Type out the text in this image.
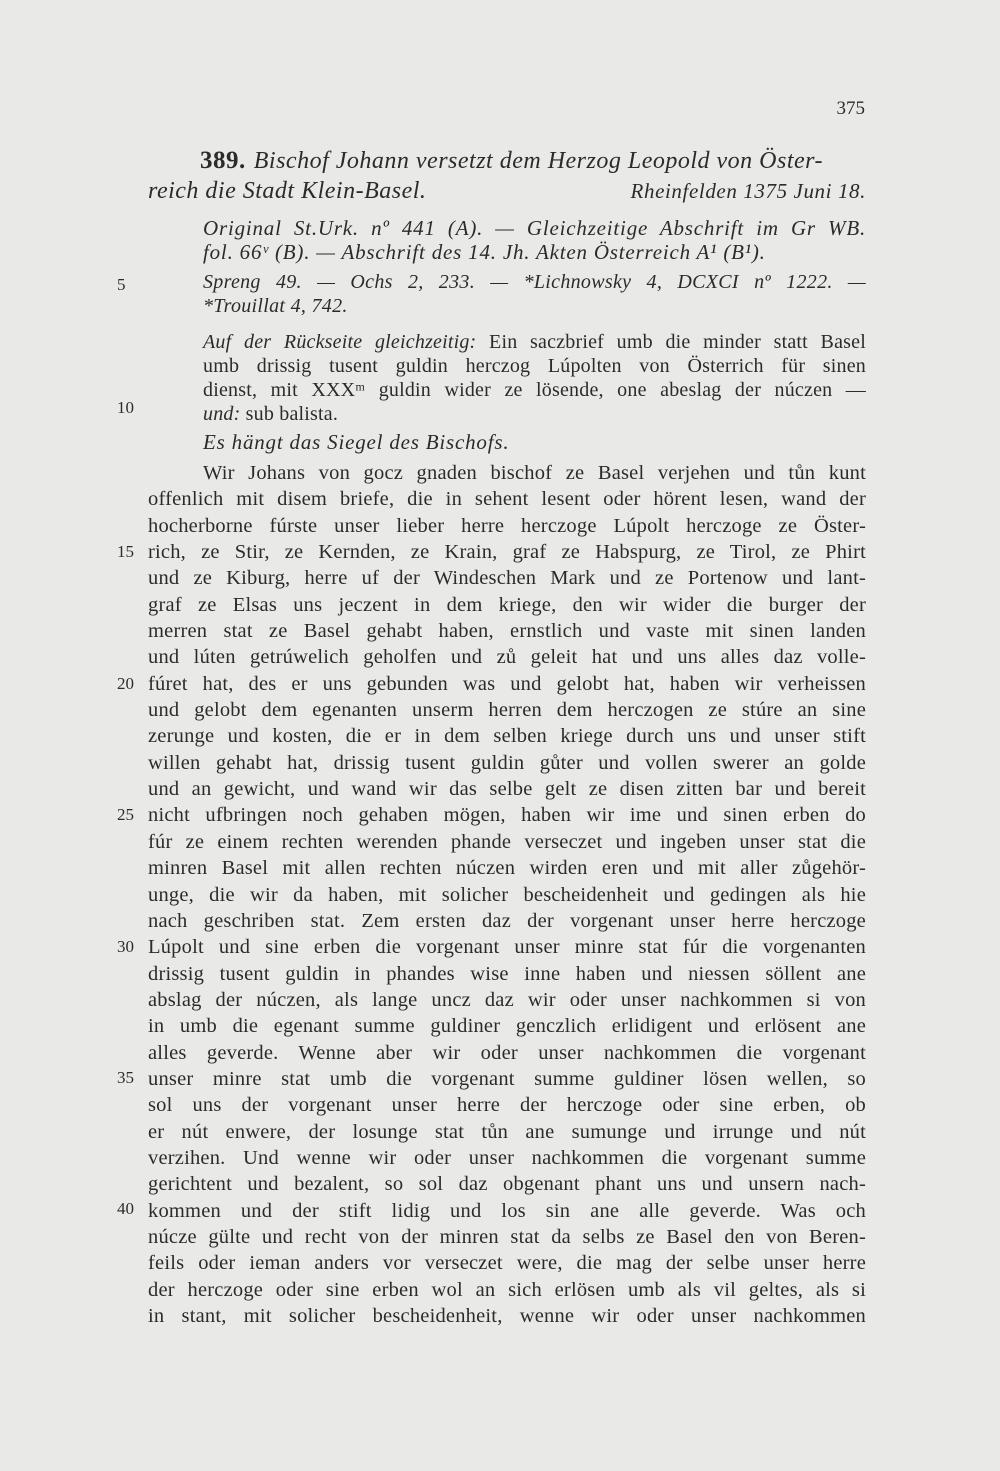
375
389. Bischof Johann versetzt dem Herzog Leopold von Öster-
reich die Stadt Klein-Basel.	Rheinfelden 1375 Juni 18.
Original St.Urk. nº 441 (A). — Gleichzeitige Abschrift im Gr WB.
fol. 66ᵛ (B). — Abschrift des 14. Jh. Akten Österreich A¹ (B¹).
Spreng 49. — Ochs 2, 233. — *Lichnowsky 4, DCXCI nº 1222. —
*Trouillat 4, 742.
Auf der Rückseite gleichzeitig: Ein saczbrief umb die minder statt Basel
umb drissig tusent guldin herczog Lúpolten von Österrich für sinen
dienst, mit XXXᵐ guldin wider ze lösende, one abeslag der núczen —
und: sub balista.
Es hängt das Siegel des Bischofs.
5
10
15
20
25
30
35
40
Wir Johans von gocz gnaden bischof ze Basel verjehen und tůn kunt
offenlich mit disem briefe, die in sehent lesent oder hörent lesen, wand der
hocherborne fúrste unser lieber herre herczoge Lúpolt herczoge ze Öster-
rich, ze Stir, ze Kernden, ze Krain, graf ze Habspurg, ze Tirol, ze Phirt
und ze Kiburg, herre uf der Windeschen Mark und ze Portenow und lant-
graf ze Elsas uns jeczent in dem kriege, den wir wider die burger der
merren stat ze Basel gehabt haben, ernstlich und vaste mit sinen landen
und lúten getrúwelich geholfen und zů geleit hat und uns alles daz volle-
fúret hat, des er uns gebunden was und gelobt hat, haben wir verheissen
und gelobt dem egenanten unserm herren dem herczogen ze stúre an sine
zerunge und kosten, die er in dem selben kriege durch uns und unser stift
willen gehabt hat, drissig tusent guldin gůter und vollen swerer an golde
und an gewicht, und wand wir das selbe gelt ze disen zitten bar und bereit
nicht ufbringen noch gehaben mögen, haben wir ime und sinen erben do
fúr ze einem rechten werenden phande verseczet und ingeben unser stat die
minren Basel mit allen rechten núczen wirden eren und mit aller zůgehör-
unge, die wir da haben, mit solicher bescheidenheit und gedingen als hie
nach geschriben stat. Zem ersten daz der vorgenant unser herre herczoge
Lúpolt und sine erben die vorgenant unser minre stat fúr die vorgenanten
drissig tusent guldin in phandes wise inne haben und niessen söllent ane
abslag der núczen, als lange uncz daz wir oder unser nachkommen si von
in umb die egenant summe guldiner genczlich erlidigent und erlösent ane
alles geverde. Wenne aber wir oder unser nachkommen die vorgenant
unser minre stat umb die vorgenant summe guldiner lösen wellen, so
sol uns der vorgenant unser herre der herczoge oder sine erben, ob
er nút enwere, der losunge stat tůn ane sumunge und irrunge und nút
verzihen. Und wenne wir oder unser nachkommen die vorgenant summe
gerichtent und bezalent, so sol daz obgenant phant uns und unsern nach-
kommen und der stift lidig und los sin ane alle geverde. Was och
núcze gülte und recht von der minren stat da selbs ze Basel den von Beren-
feils oder ieman anders vor verseczet were, die mag der selbe unser herre
der herczoge oder sine erben wol an sich erlösen umb als vil geltes, als si
in stant, mit solicher bescheidenheit, wenne wir oder unser nachkommen
